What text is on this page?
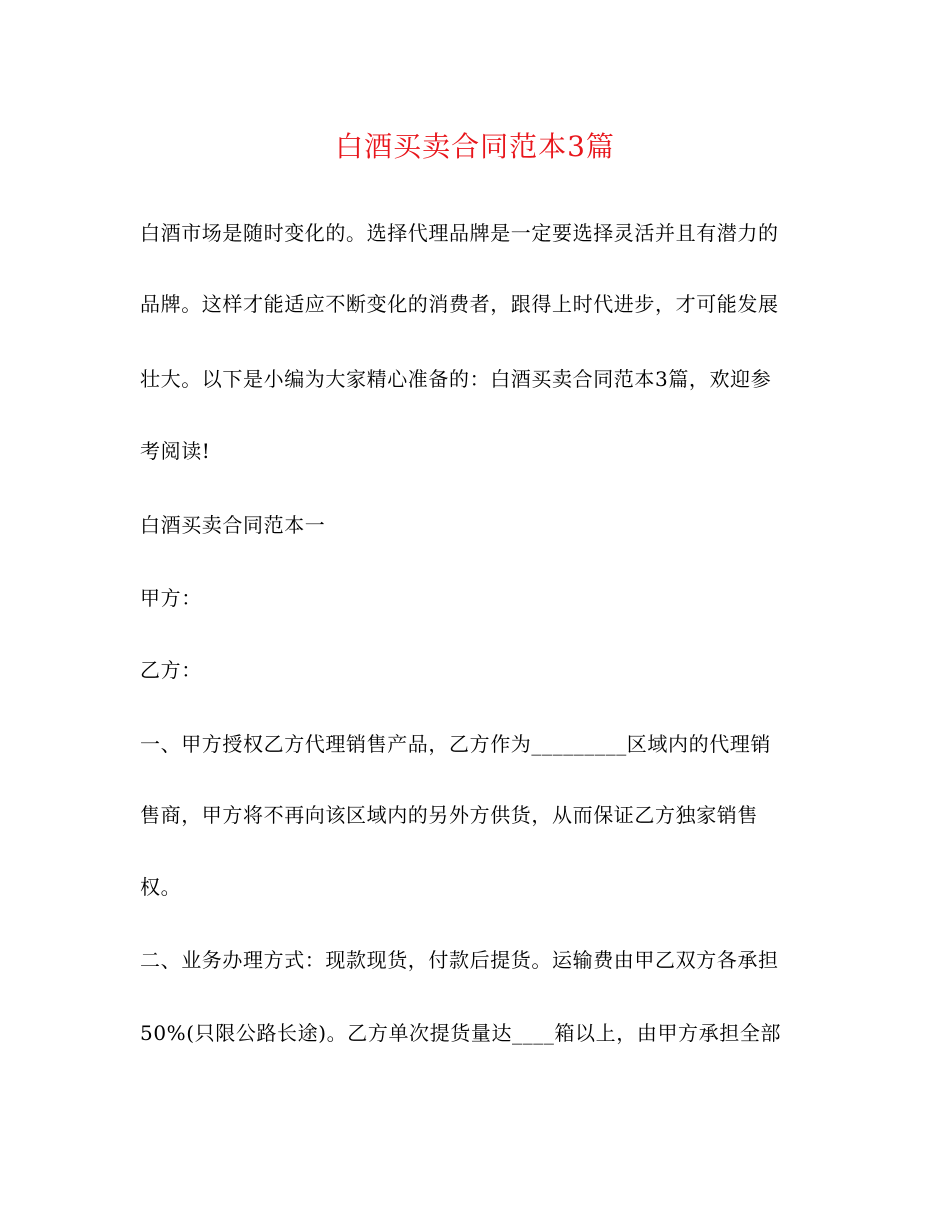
白酒买卖合同范本3篇
白酒市场是随时变化的。选择代理品牌是一定要选择灵活并且有潜力的
品牌。这样才能适应不断变化的消费者，跟得上时代进步，才可能发展
壮大。以下是小编为大家精心准备的：白酒买卖合同范本3篇，欢迎参
考阅读!
白酒买卖合同范本一
甲方：
乙方：
一、甲方授权乙方代理销售产品，乙方作为_________区域内的代理销
售商，甲方将不再向该区域内的另外方供货，从而保证乙方独家销售
权。
二、业务办理方式：现款现货，付款后提货。运输费由甲乙双方各承担
50%(只限公路长途)。乙方单次提货量达____箱以上，由甲方承担全部
